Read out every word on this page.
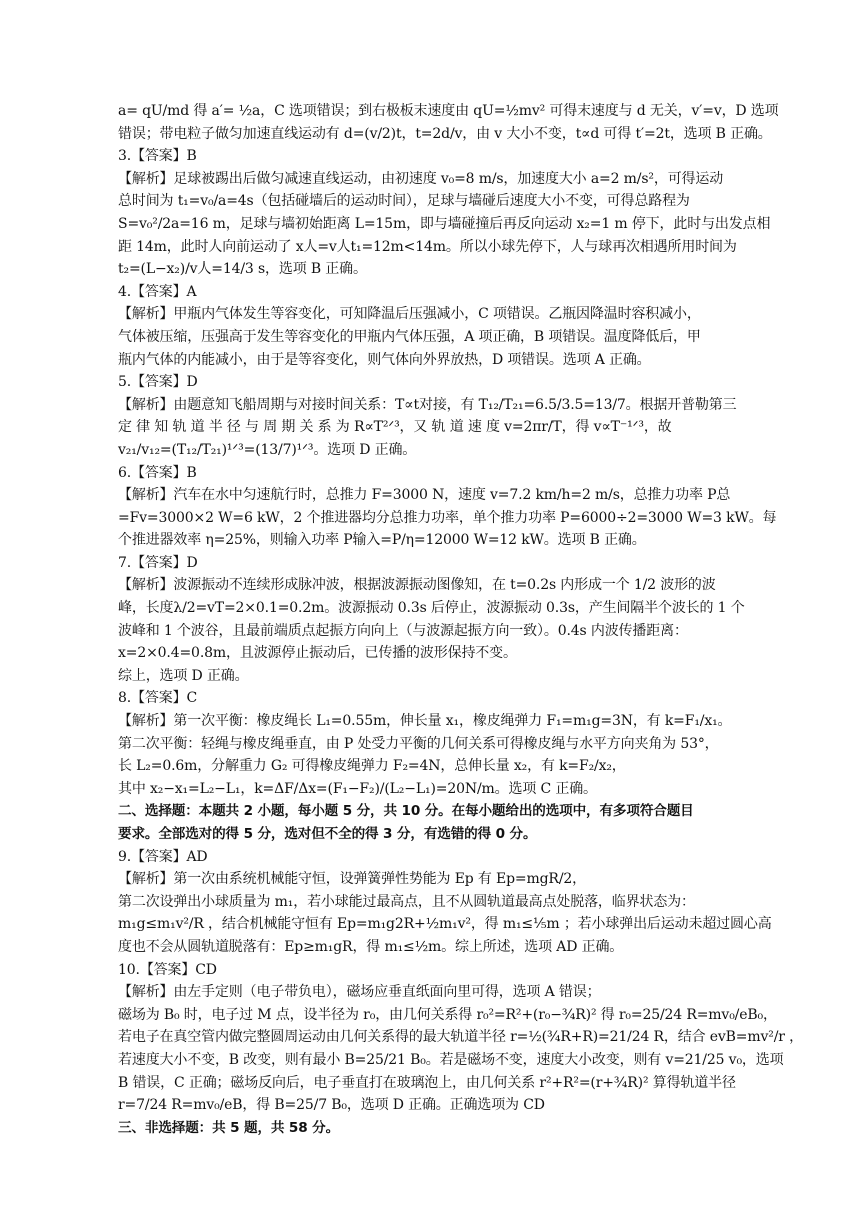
a= qU/md 得 a′= ½a，C 选项错误；到右极板末速度由 qU=½mv² 可得末速度与 d 无关，v′=v，D 选项
错误；带电粒子做匀加速直线运动有 d=(v/2)t，t=2d/v，由 v 大小不变，t∝d 可得 t′=2t，选项 B 正确。
3.【答案】B
【解析】足球被踢出后做匀减速直线运动，由初速度 v₀=8 m/s，加速度大小 a=2 m/s²，可得运动
总时间为 t₁=v₀/a=4s（包括碰墙后的运动时间），足球与墙碰后速度大小不变，可得总路程为
S=v₀²/2a=16 m，足球与墙初始距离 L=15m，即与墙碰撞后再反向运动 x₂=1 m 停下，此时与出发点相
距 14m，此时人向前运动了 x人=v人t₁=12m<14m。所以小球先停下，人与球再次相遇所用时间为
t₂=(L−x₂)/v人=14/3 s，选项 B 正确。
4.【答案】A
【解析】甲瓶内气体发生等容变化，可知降温后压强减小，C 项错误。乙瓶因降温时容积减小，
气体被压缩，压强高于发生等容变化的甲瓶内气体压强，A 项正确，B 项错误。温度降低后，甲
瓶内气体的内能减小，由于是等容变化，则气体向外界放热，D 项错误。选项 A 正确。
5.【答案】D
【解析】由题意知飞船周期与对接时间关系：T∝t对接，有 T₁₂/T₂₁=6.5/3.5=13/7。根据开普勒第三
定 律 知 轨 道 半 径 与 周 期 关 系 为 R∝T²ᐟ³，又 轨 道 速 度 v=2πr/T，得 v∝T⁻¹ᐟ³，故
v₂₁/v₁₂=(T₁₂/T₂₁)¹ᐟ³=(13/7)¹ᐟ³。选项 D 正确。
6.【答案】B
【解析】汽车在水中匀速航行时，总推力 F=3000 N，速度 v=7.2 km/h=2 m/s，总推力功率 P总
=Fv=3000×2 W=6 kW，2 个推进器均分总推力功率，单个推力功率 P=6000÷2=3000 W=3 kW。每
个推进器效率 η=25%，则输入功率 P输入=P/η=12000 W=12 kW。选项 B 正确。
7.【答案】D
【解析】波源振动不连续形成脉冲波，根据波源振动图像知，在 t=0.2s 内形成一个 1/2 波形的波
峰，长度λ/2=vT=2×0.1=0.2m。波源振动 0.3s 后停止，波源振动 0.3s，产生间隔半个波长的 1 个
波峰和 1 个波谷，且最前端质点起振方向向上（与波源起振方向一致）。0.4s 内波传播距离：
x=2×0.4=0.8m，且波源停止振动后，已传播的波形保持不变。
综上，选项 D 正确。
8.【答案】C
【解析】第一次平衡：橡皮绳长 L₁=0.55m，伸长量 x₁，橡皮绳弹力 F₁=m₁g=3N，有 k=F₁/x₁。
第二次平衡：轻绳与橡皮绳垂直，由 P 处受力平衡的几何关系可得橡皮绳与水平方向夹角为 53°，
长 L₂=0.6m，分解重力 G₂ 可得橡皮绳弹力 F₂=4N，总伸长量 x₂，有 k=F₂/x₂，
其中 x₂−x₁=L₂−L₁，k=ΔF/Δx=(F₁−F₂)/(L₂−L₁)=20N/m。选项 C 正确。
二、选择题：本题共 2 小题，每小题 5 分，共 10 分。在每小题给出的选项中，有多项符合题目
要求。全部选对的得 5 分，选对但不全的得 3 分，有选错的得 0 分。
9.【答案】AD
【解析】第一次由系统机械能守恒，设弹簧弹性势能为 Ep 有 Ep=mgR/2，
第二次设弹出小球质量为 m₁，若小球能过最高点，且不从圆轨道最高点处脱落，临界状态为：
m₁g≤m₁v²/R ，结合机械能守恒有 Ep=m₁g2R+½m₁v²，得 m₁≤⅕m ；若小球弹出后运动未超过圆心高
度也不会从圆轨道脱落有：Ep≥m₁gR，得 m₁≤½m。综上所述，选项 AD 正确。
10.【答案】CD
【解析】由左手定则（电子带负电），磁场应垂直纸面向里可得，选项 A 错误；
磁场为 B₀ 时，电子过 M 点，设半径为 r₀，由几何关系得 r₀²=R²+(r₀−¾R)² 得 r₀=25/24 R=mv₀/eB₀，
若电子在真空管内做完整圆周运动由几何关系得的最大轨道半径 r=½(¾R+R)=21/24 R，结合 evB=mv²/r ，
若速度大小不变，B 改变，则有最小 B=25/21 B₀。若是磁场不变，速度大小改变，则有 v=21/25 v₀，选项
B 错误，C 正确；磁场反向后，电子垂直打在玻璃泡上，由几何关系 r²+R²=(r+¾R)² 算得轨道半径
r=7/24 R=mv₀/eB，得 B=25/7 B₀，选项 D 正确。正确选项为 CD
三、非选择题：共 5 题，共 58 分。
